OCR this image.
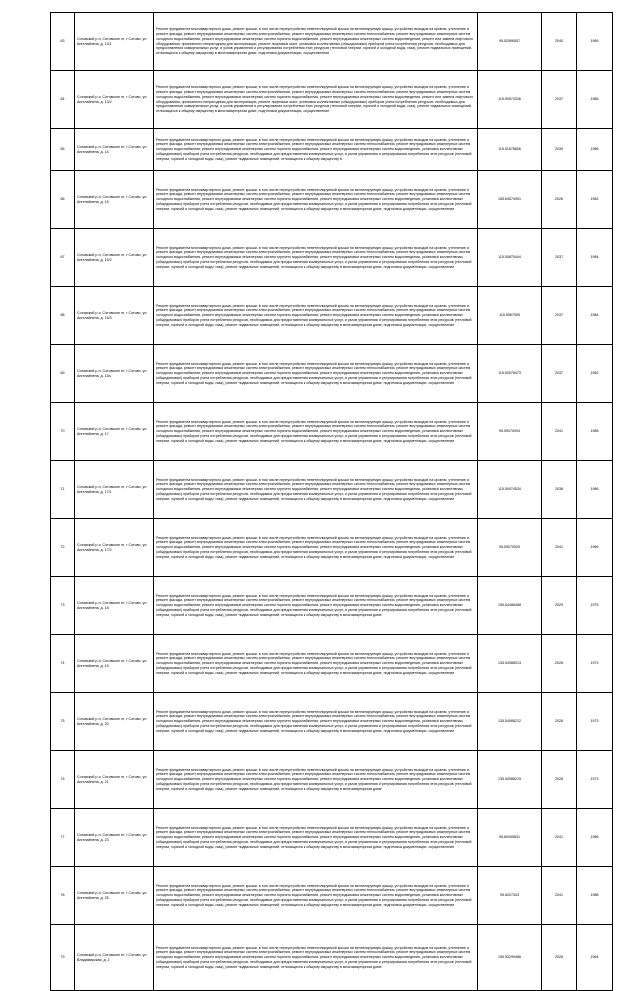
63	Сотовский р-н, Сотовское гп, г Сотово, ул. Ангелайнена, д. 13/1	Ремонт фундамента многоквартирного дома, ремонт крыши, в том числе переустройство невентилируемой крыши на вентилируемую крышу, устройство выходов на кровлю, утепление и ремонт фасада, ремонт внутридомовых инженерных систем электроснабжения, ремонт внутридомовых инженерных систем теплоснабжения, ремонт внутридомовых инженерных систем холодного водоснабжения, ремонт внутридомовых инженерных систем горячего водоснабжения, ремонт внутридомовых инженерных систем водоотведения, ремонт или замена лифтового оборудования, признанного непригодным для эксплуатации, ремонт лифтовых шахт, установка коллективных (общедомовых) приборов учета потребления ресурсов, необходимых для предоставления коммунальных услуг, и узлов управления и регулирования потребления этих ресурсов (тепловой энергии, горячей и холодной воды, газа), ремонт подвальных помещений, относящихся к общему имуществу в многоквартирном доме, подготовка документации, осуществление	95.52596557	2040	1989
64	Сотовский р-н, Сотовское гп, г Сотово, ул. Ангелайнена, д. 13/2	Ремонт фундамента многоквартирного дома, ремонт крыши, в том числе переустройство невентилируемой крыши на вентилируемую крышу, устройство выходов на кровлю, утепление и ремонт фасада, ремонт внутридомовых инженерных систем электроснабжения, ремонт внутридомовых инженерных систем теплоснабжения, ремонт внутридомовых инженерных систем холодного водоснабжения, ремонт внутридомовых инженерных систем горячего водоснабжения, ремонт внутридомовых инженерных систем водоотведения, ремонт или замена лифтового оборудования, признанного непригодным для эксплуатации, ремонт лифтовых шахт, установка коллективных (общедомовых) приборов учета потребления ресурсов, необходимых для предоставления коммунальных услуг, и узлов управления и регулирования потребления этих ресурсов (тепловой энергии, горячей и холодной воды, газа), ремонт подвальных помещений, относящихся к общему имуществу в многоквартирном доме, подготовка документации, осуществление	115.50574336	2037	1985
65	Сотовский р-н, Сотовское гп, г Сотово, ул. Ангелайнена, д. 14	Ремонт фундамента многоквартирного дома, ремонт крыши, в том числе переустройство невентилируемой крыши на вентилируемую крышу, устройство выходов на кровлю, утепление и ремонт фасада, ремонт внутридомовых инженерных систем электроснабжения, ремонт внутридомовых инженерных систем теплоснабжения, ремонт внутридомовых инженерных систем холодного водоснабжения, ремонт внутридомовых инженерных систем горячего водоснабжения, ремонт внутридомовых инженерных систем водоотведения, установка коллективных (общедомовых) приборов учета потребления ресурсов, необходимых для предоставления коммунальных услуг, и узлов управления и регулирования потребления этих ресурсов (тепловой энергии, горячей и холодной воды, газа), ремонт подвальных помещений, относящихся к общему имуществу в	115.51678806	2039	1985
66	Сотовский р-н, Сотовское гп, г Сотово, ул. Ангелайнена, д. 15	Ремонт фундамента многоквартирного дома, ремонт крыши, в том числе переустройство невентилируемой крыши на вентилируемую крышу, устройство выходов на кровлю, утепление и ремонт фасада, ремонт внутридомовых инженерных систем электроснабжения, ремонт внутридомовых инженерных систем теплоснабжения, ремонт внутридомовых инженерных систем холодного водоснабжения, ремонт внутридомовых инженерных систем горячего водоснабжения, ремонт внутридомовых инженерных систем водоотведения, установка коллективных (общедомовых) приборов учета потребления ресурсов, необходимых для предоставления коммунальных услуг, и узлов управления и регулирования потребления этих ресурсов (тепловой энергии, горячей и холодной воды, газа), ремонт подвальных помещений, относящихся к общему имуществу в многоквартирном доме, подготовка документации, осуществление	155.64574951	2026	1981
67	Сотовский р-н, Сотовское гп, г Сотово, ул. Ангелайнена, д. 15/2	Ремонт фундамента многоквартирного дома, ремонт крыши, в том числе переустройство невентилируемой крыши на вентилируемую крышу, устройство выходов на кровлю, утепление и ремонт фасада, ремонт внутридомовых инженерных систем электроснабжения, ремонт внутридомовых инженерных систем теплоснабжения, ремонт внутридомовых инженерных систем холодного водоснабжения, ремонт внутридомовых инженерных систем горячего водоснабжения, ремонт внутридомовых инженерных систем водоотведения, установка коллективных (общедомовых) приборов учета потребления ресурсов, необходимых для предоставления коммунальных услуг, и узлов управления и регулирования потребления этих ресурсов (тепловой энергии, горячей и холодной воды, газа), ремонт подвальных помещений, относящихся к общему имуществу в многоквартирном доме, подготовка документации, осуществление	115.50875444	2037	1984
68	Сотовский р-н, Сотовское гп, г Сотово, ул. Ангелайнена, д. 15/3	Ремонт фундамента многоквартирного дома, ремонт крыши, в том числе переустройство невентилируемой крыши на вентилируемую крышу, устройство выходов на кровлю, утепление и ремонт фасада, ремонт внутридомовых инженерных систем электроснабжения, ремонт внутридомовых инженерных систем теплоснабжения, ремонт внутридомовых инженерных систем холодного водоснабжения, ремонт внутридомовых инженерных систем горячего водоснабжения, ремонт внутридомовых инженерных систем водоотведения, установка коллективных (общедомовых) приборов учета потребления ресурсов, необходимых для предоставления коммунальных услуг, и узлов управления и регулирования потребления этих ресурсов (тепловой энергии, горячей и холодной воды, газа), ремонт подвальных помещений, относящихся к общему имуществу в многоквартирном доме, подготовка документации, осуществление	115.5967595	2037	1984
69	Сотовский р-н, Сотовское гп, г Сотово, ул. Ангелайнена, д. 15а	Ремонт фундамента многоквартирного дома, ремонт крыши, в том числе переустройство невентилируемой крыши на вентилируемую крышу, устройство выходов на кровлю, утепление и ремонт фасада, ремонт внутридомовых инженерных систем электроснабжения, ремонт внутридомовых инженерных систем теплоснабжения, ремонт внутридомовых инженерных систем холодного водоснабжения, ремонт внутридомовых инженерных систем горячего водоснабжения, ремонт внутридомовых инженерных систем водоотведения, установка коллективных (общедомовых) приборов учета потребления ресурсов, необходимых для предоставления коммунальных услуг, и узлов управления и регулирования потребления этих ресурсов (тепловой энергии, горячей и холодной воды, газа), ремонт подвальных помещений, относящихся к общему имуществу в многоквартирном доме, подготовка документации, осуществление	115.50578473	2037	1982
70	Сотовский р-н, Сотовское гп, г Сотово, ул. Ангелайнена, д. 17	Ремонт фундамента многоквартирного дома, ремонт крыши, в том числе переустройство невентилируемой крыши на вентилируемую крышу, устройство выходов на кровлю, утепление и ремонт фасада, ремонт внутридомовых инженерных систем электроснабжения, ремонт внутридомовых инженерных систем теплоснабжения, ремонт внутридомовых инженерных систем холодного водоснабжения, ремонт внутридомовых инженерных систем горячего водоснабжения, ремонт внутридомовых инженерных систем водоотведения, установка коллективных (общедомовых) приборов учета потребления ресурсов, необходимых для предоставления коммунальных услуг, и узлов управления и регулирования потребления этих ресурсов (тепловой энергии, горячей и холодной воды, газа), ремонт подвальных помещений, относящихся к общему имуществу в многоквартирном доме, подготовка документации, осуществление	95.59070094	2041	1985
71	Сотовский р-н, Сотовское гп, г Сотово, ул. Ангелайнена, д. 17/1	Ремонт фундамента многоквартирного дома, ремонт крыши, в том числе переустройство невентилируемой крыши на вентилируемую крышу, устройство выходов на кровлю, утепление и ремонт фасада, ремонт внутридомовых инженерных систем электроснабжения, ремонт внутридомовых инженерных систем теплоснабжения, ремонт внутридомовых инженерных систем холодного водоснабжения, ремонт внутридомовых инженерных систем горячего водоснабжения, ремонт внутридомовых инженерных систем водоотведения, установка коллективных (общедомовых) приборов учета потребления ресурсов, необходимых для предоставления коммунальных услуг, и узлов управления и регулирования потребления этих ресурсов (тепловой энергии, горячей и холодной воды, газа), ремонт подвальных помещений, относящихся к общему имуществу в многоквартирном доме, подготовка документации, осуществление	115.50074534	2038	1986
72	Сотовский р-н, Сотовское гп, г Сотово, ул. Ангелайнена, д. 17/2	Ремонт фундамента многоквартирного дома, ремонт крыши, в том числе переустройство невентилируемой крыши на вентилируемую крышу, устройство выходов на кровлю, утепление и ремонт фасада, ремонт внутридомовых инженерных систем электроснабжения, ремонт внутридомовых инженерных систем теплоснабжения, ремонт внутридомовых инженерных систем холодного водоснабжения, ремонт внутридомовых инженерных систем горячего водоснабжения, ремонт внутридомовых инженерных систем водоотведения, установка коллективных (общедомовых) приборов учета потребления ресурсов, необходимых для предоставления коммунальных услуг, и узлов управления и регулирования потребления этих ресурсов (тепловой энергии, горячей и холодной воды, газа), ремонт подвальных помещений, относящихся к общему имуществу в многоквартирном доме, подготовка документации, осуществление	95.59070525	2041	1989
73	Сотовский р-н, Сотовское гп, г Сотово, ул. Ангелайнена, д. 18	Ремонт фундамента многоквартирного дома, ремонт крыши, в том числе переустройство невентилируемой крыши на вентилируемую крышу, устройство выходов на кровлю, утепление и ремонт фасада, ремонт внутридомовых инженерных систем электроснабжения, ремонт внутридомовых инженерных систем теплоснабжения, ремонт внутридомовых инженерных систем холодного водоснабжения, ремонт внутридомовых инженерных систем горячего водоснабжения, ремонт внутридомовых инженерных систем водоотведения, установка коллективных (общедомовых) приборов учета потребления ресурсов, необходимых для предоставления коммунальных услуг, и узлов управления и регулирования потребления этих ресурсов (тепловой энергии, горячей и холодной воды, газа), ремонт подвальных помещений, относящихся к общему имуществу в многоквартирном доме	155.64488468	2029	1975
74	Сотовский р-н, Сотовское гп, г Сотово, ул. Ангелайнена, д. 19	Ремонт фундамента многоквартирного дома, ремонт крыши, в том числе переустройство невентилируемой крыши на вентилируемую крышу, устройство выходов на кровлю, утепление и ремонт фасада, ремонт внутридомовых инженерных систем электроснабжения, ремонт внутридомовых инженерных систем теплоснабжения, ремонт внутридомовых инженерных систем холодного водоснабжения, ремонт внутридомовых инженерных систем горячего водоснабжения, ремонт внутридомовых инженерных систем водоотведения, установка коллективных (общедомовых) приборов учета потребления ресурсов, необходимых для предоставления коммунальных услуг, и узлов управления и регулирования потребления этих ресурсов (тепловой энергии, горячей и холодной воды, газа), ремонт подвальных помещений, относящихся к общему имуществу в многоквартирном доме, подготовка документации, осуществление	135.54988013	2028	1973
75	Сотовский р-н, Сотовское гп, г Сотово, ул. Ангелайнена, д. 20	Ремонт фундамента многоквартирного дома, ремонт крыши, в том числе переустройство невентилируемой крыши на вентилируемую крышу, устройство выходов на кровлю, утепление и ремонт фасада, ремонт внутридомовых инженерных систем электроснабжения, ремонт внутридомовых инженерных систем теплоснабжения, ремонт внутридомовых инженерных систем холодного водоснабжения, ремонт внутридомовых инженерных систем горячего водоснабжения, ремонт внутридомовых инженерных систем водоотведения, установка коллективных (общедомовых) приборов учета потребления ресурсов, необходимых для предоставления коммунальных услуг, и узлов управления и регулирования потребления этих ресурсов (тепловой энергии, горячей и холодной воды, газа), ремонт подвальных помещений, относящихся к общему имуществу в многоквартирном доме, подготовка документации, осуществление	135.54988212	2028	1973
76	Сотовский р-н, Сотовское гп, г Сотово, ул. Ангелайнена, д. 21	Ремонт фундамента многоквартирного дома, ремонт крыши, в том числе переустройство невентилируемой крыши на вентилируемую крышу, устройство выходов на кровлю, утепление и ремонт фасада, ремонт внутридомовых инженерных систем электроснабжения, ремонт внутридомовых инженерных систем теплоснабжения, ремонт внутридомовых инженерных систем холодного водоснабжения, ремонт внутридомовых инженерных систем горячего водоснабжения, ремонт внутридомовых инженерных систем водоотведения, установка коллективных (общедомовых) приборов учета потребления ресурсов, необходимых для предоставления коммунальных услуг, и узлов управления и регулирования потребления этих ресурсов (тепловой энергии, горячей и холодной воды, газа), ремонт подвальных помещений, относящихся к общему имуществу в многоквартирном доме	135.54988215	2028	1973
77	Сотовский р-н, Сотовское гп, г Сотово, ул. Ангелайнена, д. 23	Ремонт фундамента многоквартирного дома, ремонт крыши, в том числе переустройство невентилируемой крыши на вентилируемую крышу, устройство выходов на кровлю, утепление и ремонт фасада, ремонт внутридомовых инженерных систем электроснабжения, ремонт внутридомовых инженерных систем теплоснабжения, ремонт внутридомовых инженерных систем холодного водоснабжения, ремонт внутридомовых инженерных систем горячего водоснабжения, ремонт внутридомовых инженерных систем водоотведения, установка коллективных (общедомовых) приборов учета потребления ресурсов, необходимых для предоставления коммунальных услуг, и узлов управления и регулирования потребления этих ресурсов (тепловой энергии, горячей и холодной воды, газа), ремонт подвальных помещений, относящихся к общему имуществу в многоквартирном доме, подготовка документации, осуществление	95.60095831	2041	1985
78	Сотовский р-н, Сотовское гп, г Сотово, ул. Ангелайнена, д. 25	Ремонт фундамента многоквартирного дома, ремонт крыши, в том числе переустройство невентилируемой крыши на вентилируемую крышу, устройство выходов на кровлю, утепление и ремонт фасада, ремонт внутридомовых инженерных систем электроснабжения, ремонт внутридомовых инженерных систем теплоснабжения, ремонт внутридомовых инженерных систем холодного водоснабжения, ремонт внутридомовых инженерных систем горячего водоснабжения, ремонт внутридомовых инженерных систем водоотведения, установка коллективных (общедомовых) приборов учета потребления ресурсов, необходимых для предоставления коммунальных услуг, и узлов управления и регулирования потребления этих ресурсов (тепловой энергии, горячей и холодной воды, газа), ремонт подвальных помещений, относящихся к общему имуществу в многоквартирном доме, подготовка документации, осуществление	95.6007343	2041	1988
79	Сотовский р-н, Сотовское гп, г Сотово, ул. Владимирская, д. 2	Ремонт фундамента многоквартирного дома, ремонт крыши, в том числе переустройство невентилируемой крыши на вентилируемую крышу, устройство выходов на кровлю, утепление и ремонт фасада, ремонт внутридомовых инженерных систем электроснабжения, ремонт внутридомовых инженерных систем теплоснабжения, ремонт внутридомовых инженерных систем холодного водоснабжения, ремонт внутридомовых инженерных систем горячего водоснабжения, ремонт внутридомовых инженерных систем водоотведения, установка коллективных (общедомовых) приборов учета потребления ресурсов, необходимых для предоставления коммунальных услуг, и узлов управления и регулирования потребления этих ресурсов (тепловой энергии, горячей и холодной воды, газа), ремонт подвальных помещений, относящихся к общему имуществу в многоквартирном доме	155.53299486	2028	1964
